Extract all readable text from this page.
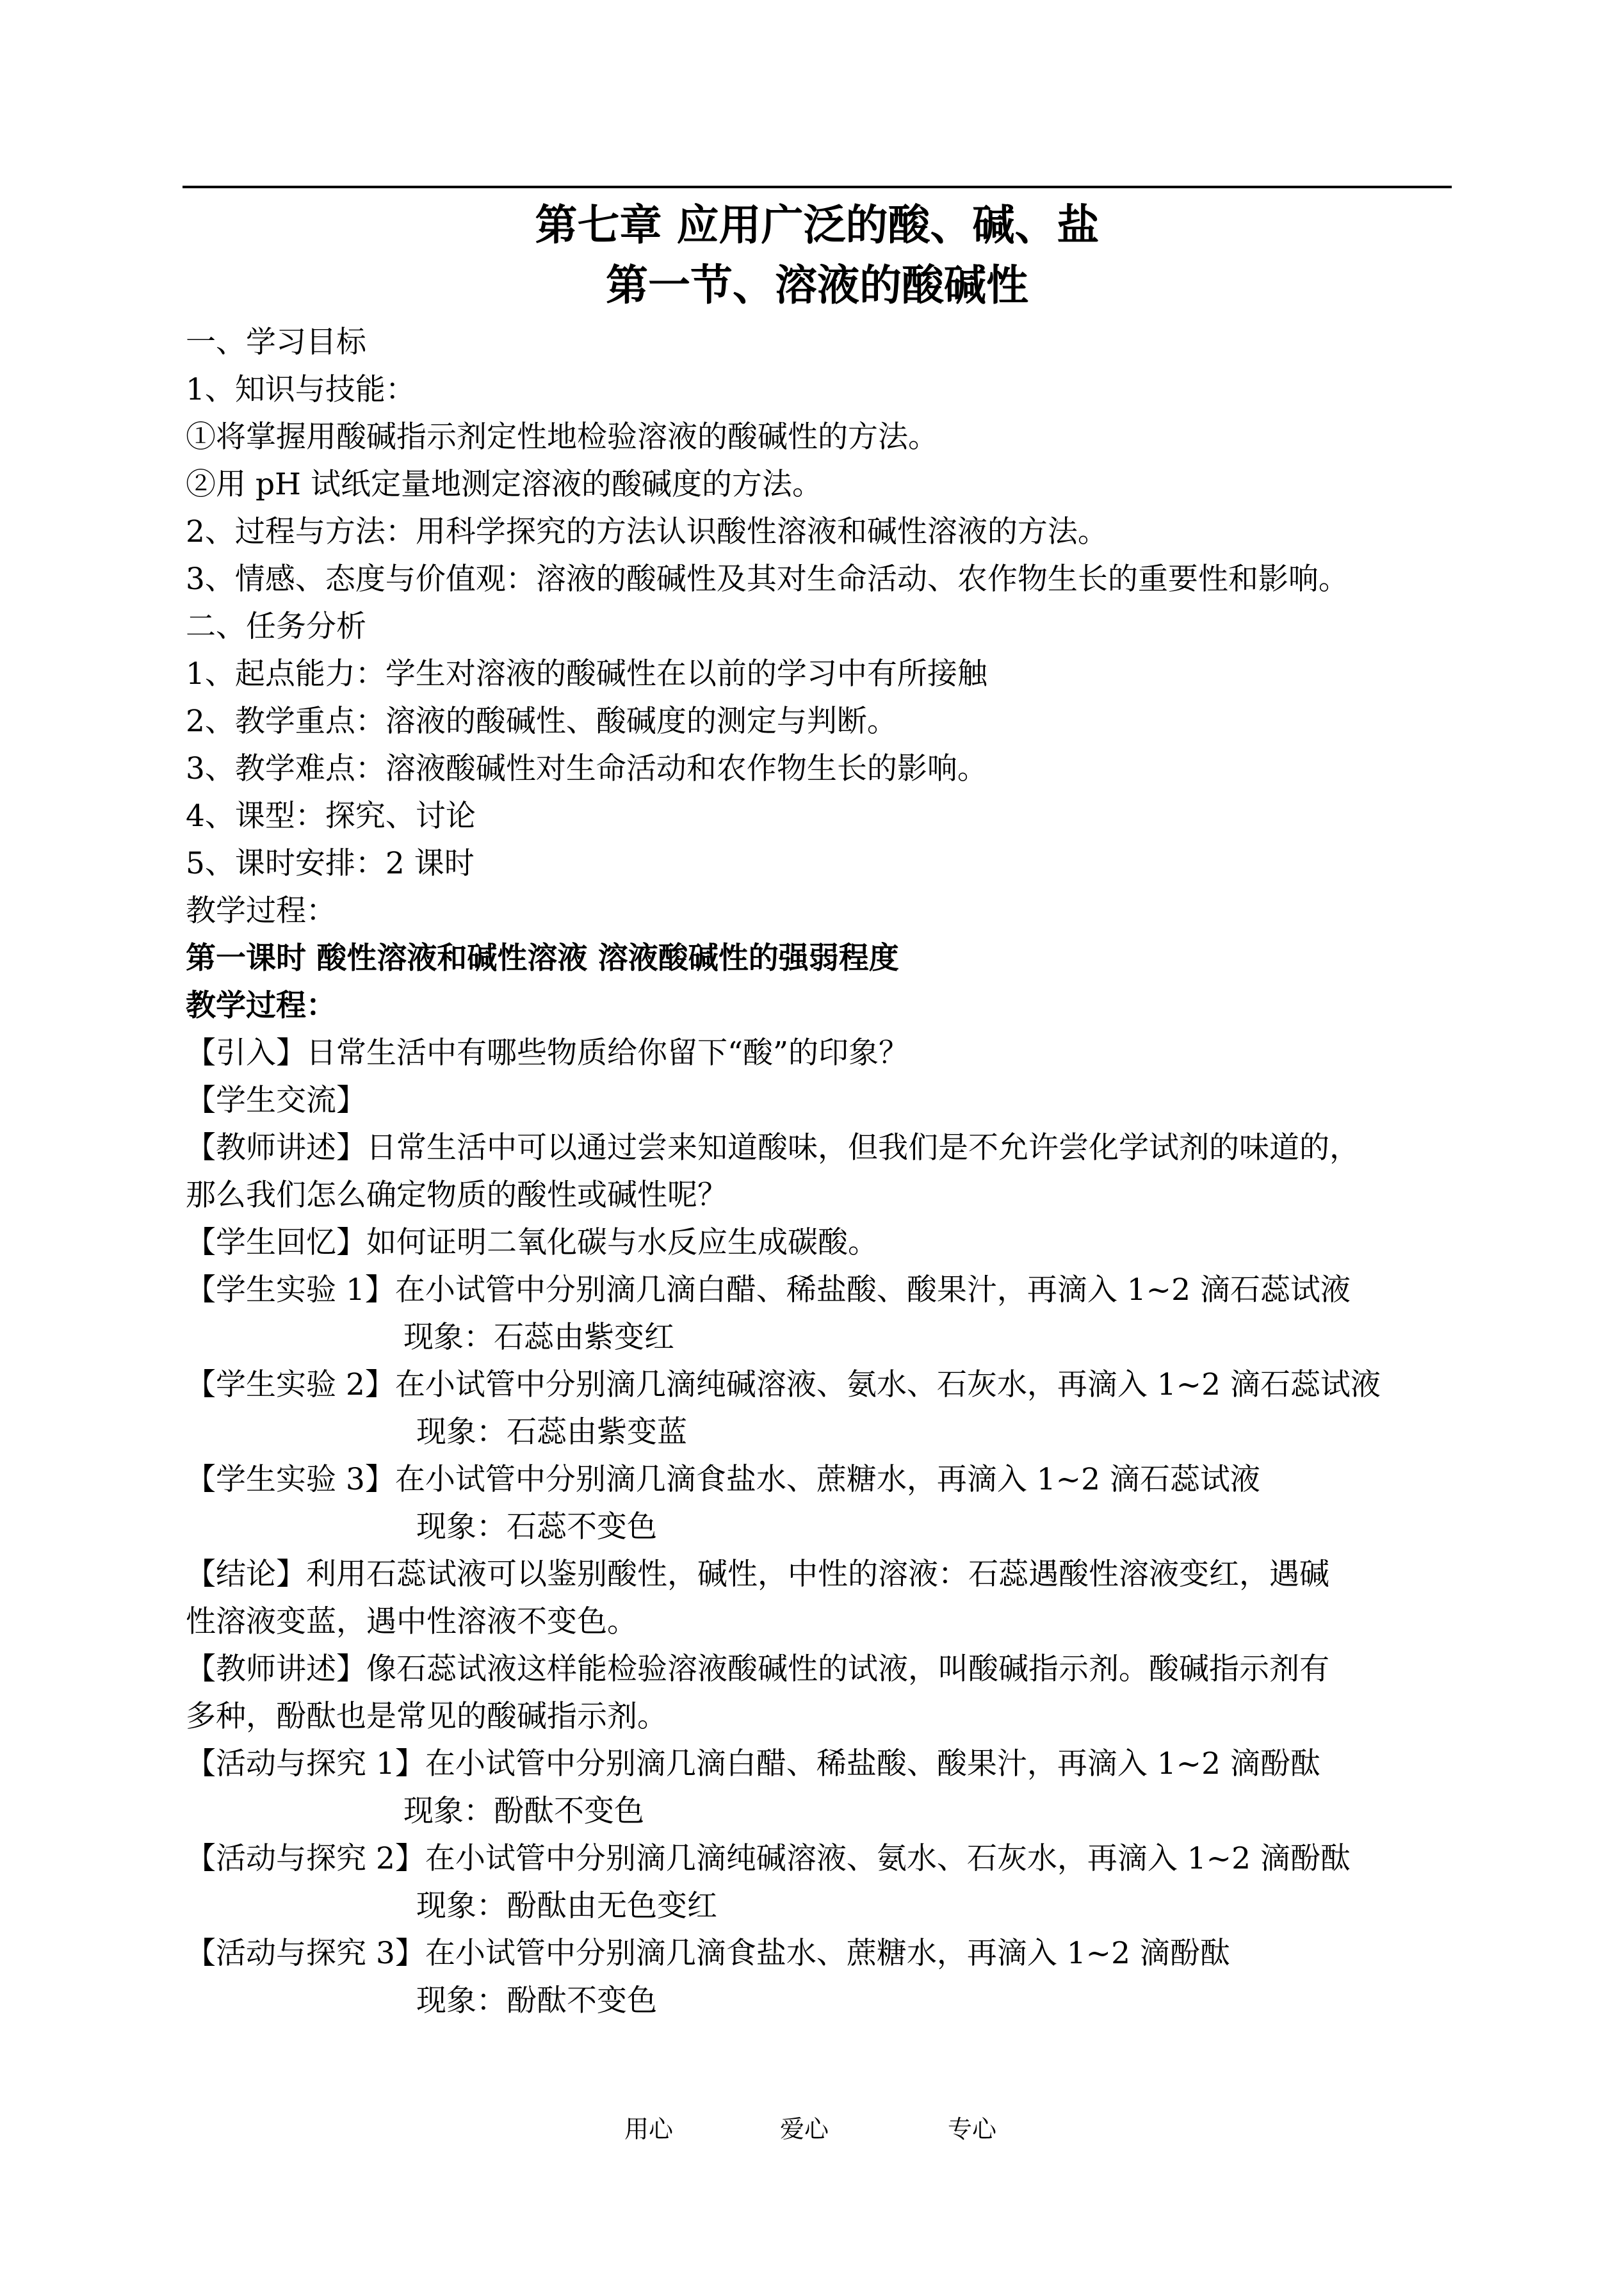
第七章 应用广泛的酸、碱、盐
第一节、溶液的酸碱性
一、学习目标
1、知识与技能：
①将掌握用酸碱指示剂定性地检验溶液的酸碱性的方法。
②用 pH 试纸定量地测定溶液的酸碱度的方法。
2、过程与方法：用科学探究的方法认识酸性溶液和碱性溶液的方法。
3、情感、态度与价值观：溶液的酸碱性及其对生命活动、农作物生长的重要性和影响。
二、任务分析
1、起点能力：学生对溶液的酸碱性在以前的学习中有所接触
2、教学重点：溶液的酸碱性、酸碱度的测定与判断。
3、教学难点：溶液酸碱性对生命活动和农作物生长的影响。
4、课型：探究、讨论
5、课时安排：2 课时
教学过程：
第一课时 酸性溶液和碱性溶液 溶液酸碱性的强弱程度
教学过程：
【引入】日常生活中有哪些物质给你留下“酸”的印象？
【学生交流】
【教师讲述】日常生活中可以通过尝来知道酸味，但我们是不允许尝化学试剂的味道的，
那么我们怎么确定物质的酸性或碱性呢？
【学生回忆】如何证明二氧化碳与水反应生成碳酸。
【学生实验 1】在小试管中分别滴几滴白醋、稀盐酸、酸果汁，再滴入 1~2 滴石蕊试液
现象：石蕊由紫变红
【学生实验 2】在小试管中分别滴几滴纯碱溶液、氨水、石灰水，再滴入 1~2 滴石蕊试液
现象：石蕊由紫变蓝
【学生实验 3】在小试管中分别滴几滴食盐水、蔗糖水，再滴入 1~2 滴石蕊试液
现象：石蕊不变色
【结论】利用石蕊试液可以鉴别酸性，碱性，中性的溶液：石蕊遇酸性溶液变红，遇碱
性溶液变蓝，遇中性溶液不变色。
【教师讲述】像石蕊试液这样能检验溶液酸碱性的试液，叫酸碱指示剂。酸碱指示剂有
多种，酚酞也是常见的酸碱指示剂。
【活动与探究 1】在小试管中分别滴几滴白醋、稀盐酸、酸果汁，再滴入 1~2 滴酚酞
现象：酚酞不变色
【活动与探究 2】在小试管中分别滴几滴纯碱溶液、氨水、石灰水，再滴入 1~2 滴酚酞
现象：酚酞由无色变红
【活动与探究 3】在小试管中分别滴几滴食盐水、蔗糖水，再滴入 1~2 滴酚酞
现象：酚酞不变色
用心	爱心	专心
